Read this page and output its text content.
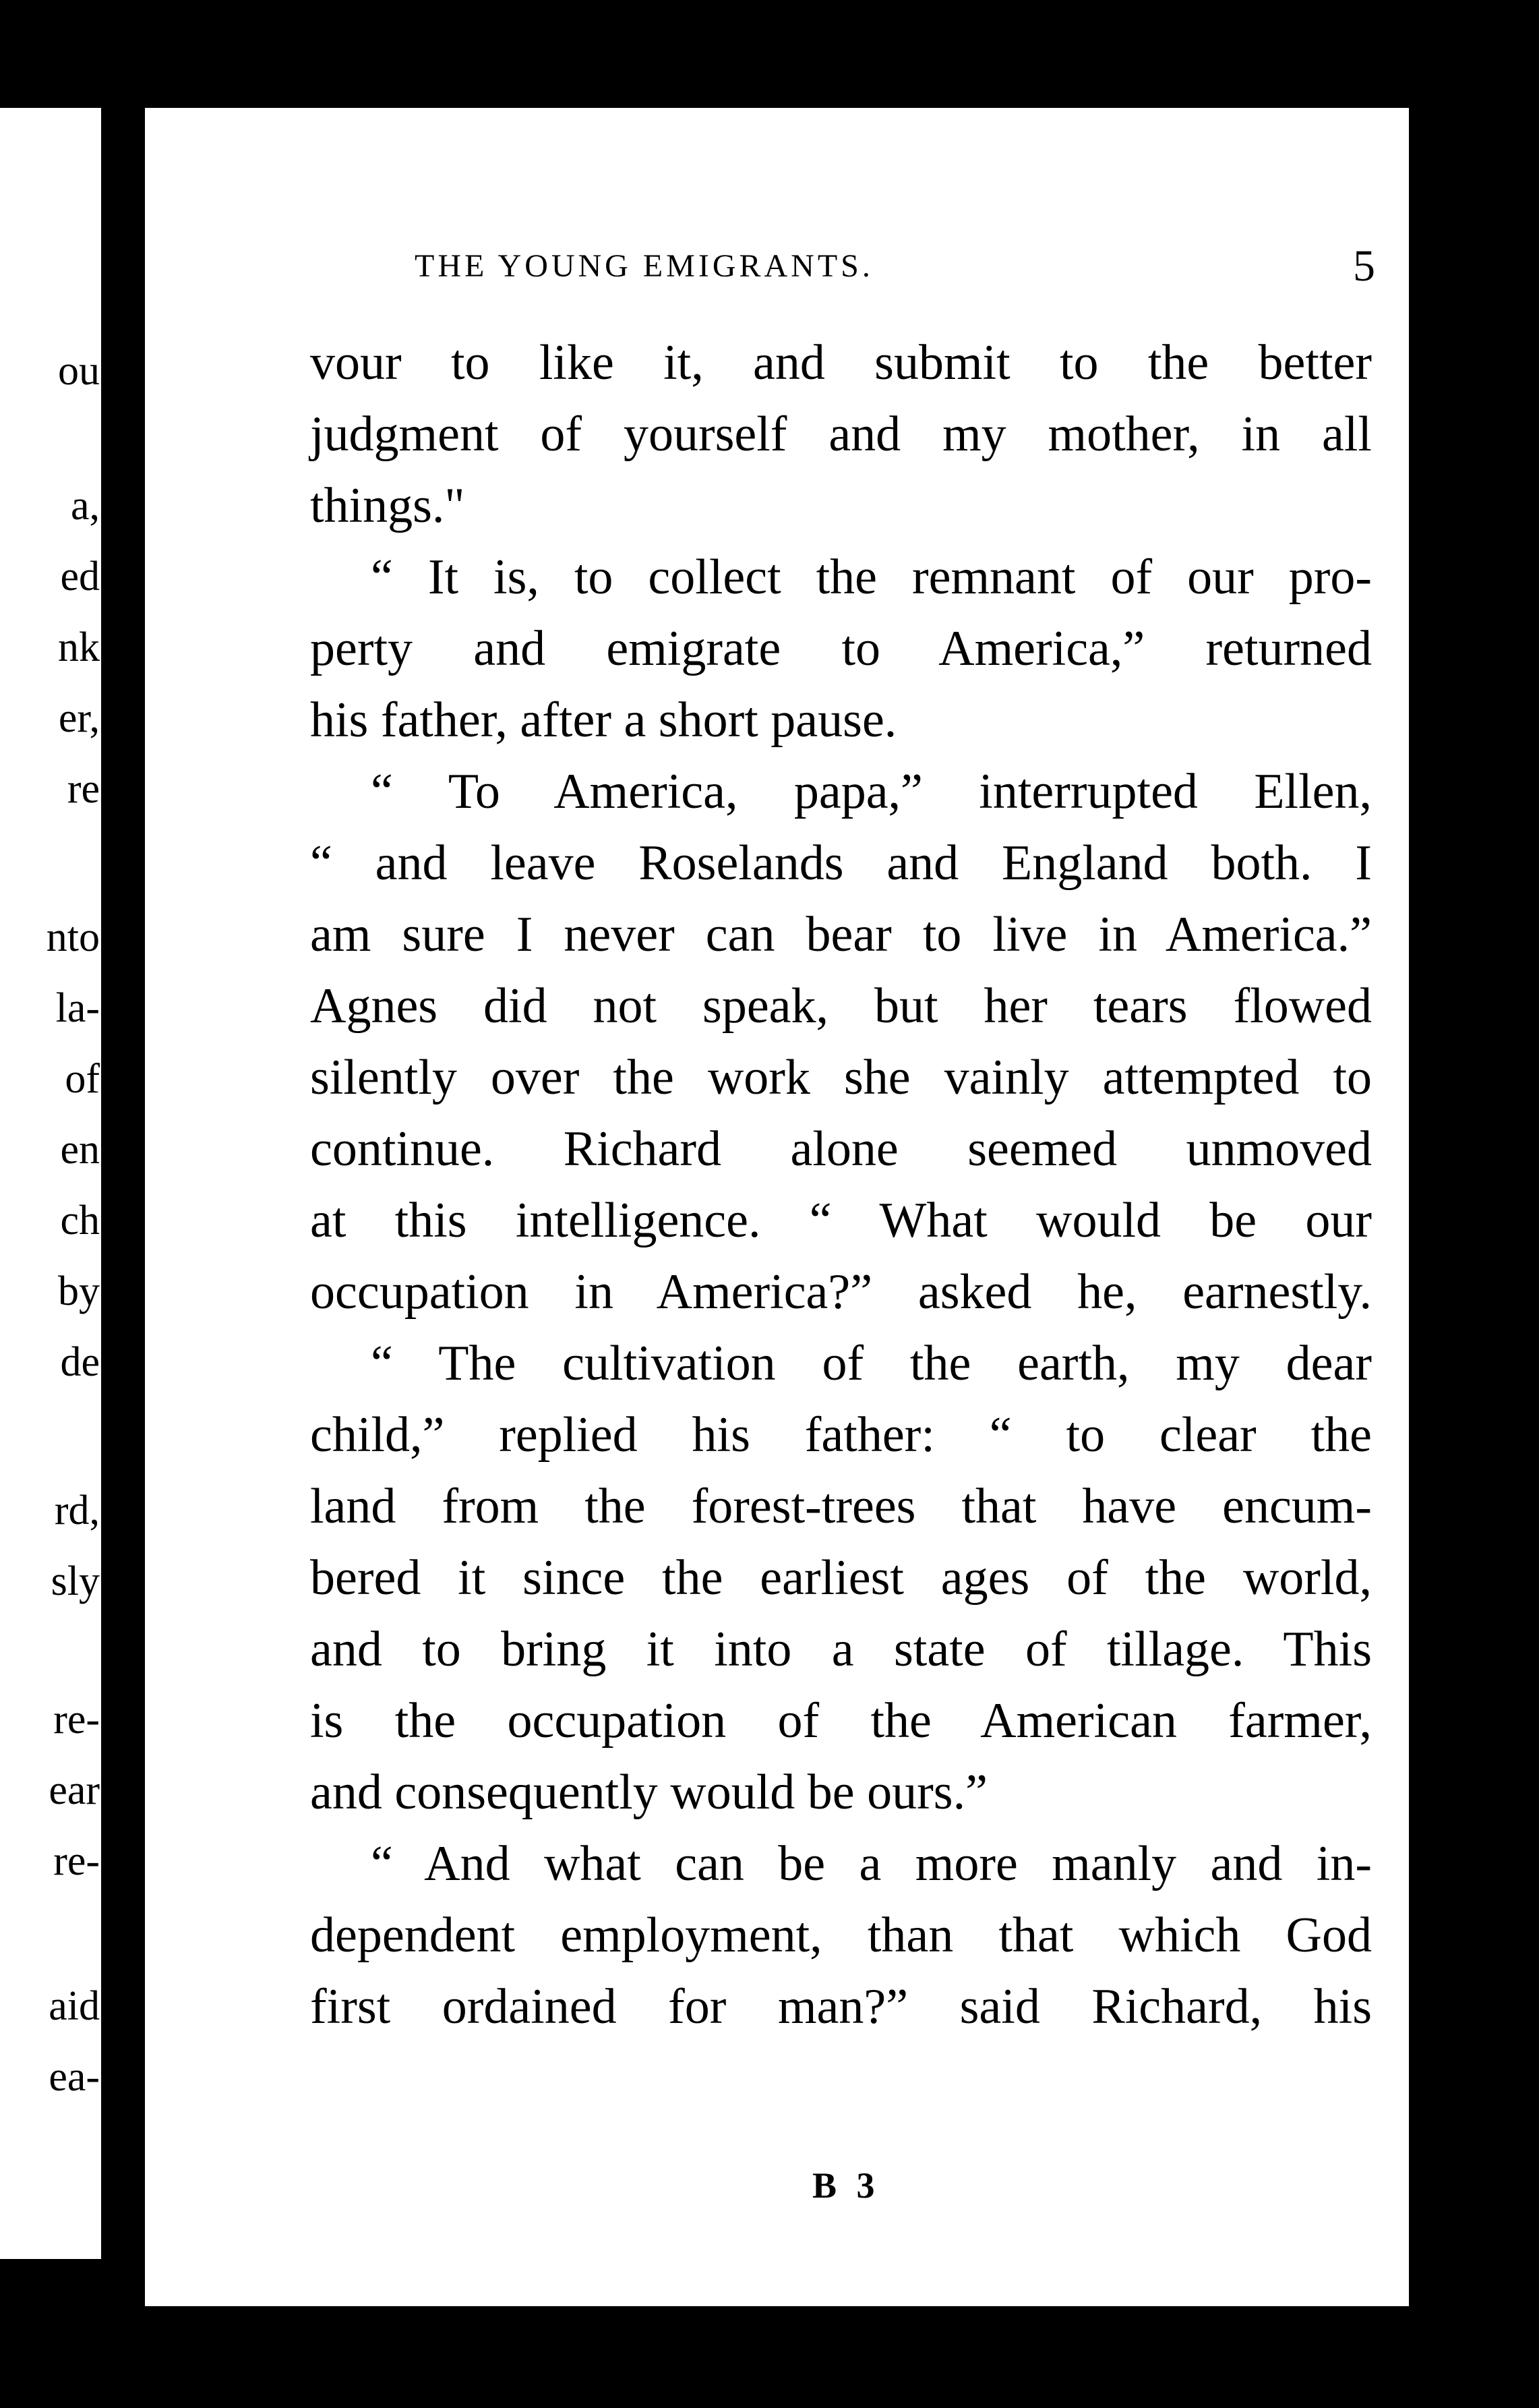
ou
a,
ed
nk
er,
re
nto
la-
of
en
ch
by
de
rd,
sly
re-
ear
re-
aid
ea-
THE YOUNG EMIGRANTS.	5
vour to like it, and submit to the better
judgment of yourself and my mother, in all
things."
“ It is, to collect the remnant of our pro-
perty and emigrate to America,” returned
his father, after a short pause.
“ To America, papa,” interrupted Ellen,
“ and leave Roselands and England both. I
am sure I never can bear to live in America.”
Agnes did not speak, but her tears flowed
silently over the work she vainly attempted to
continue. Richard alone seemed unmoved
at this intelligence. “ What would be our
occupation in America?” asked he, earnestly.
“ The cultivation of the earth, my dear
child,” replied his father: “ to clear the
land from the forest-trees that have encum-
bered it since the earliest ages of the world,
and to bring it into a state of tillage. This
is the occupation of the American farmer,
and consequently would be ours.”
“ And what can be a more manly and in-
dependent employment, than that which God
first ordained for man?” said Richard, his
B 3
